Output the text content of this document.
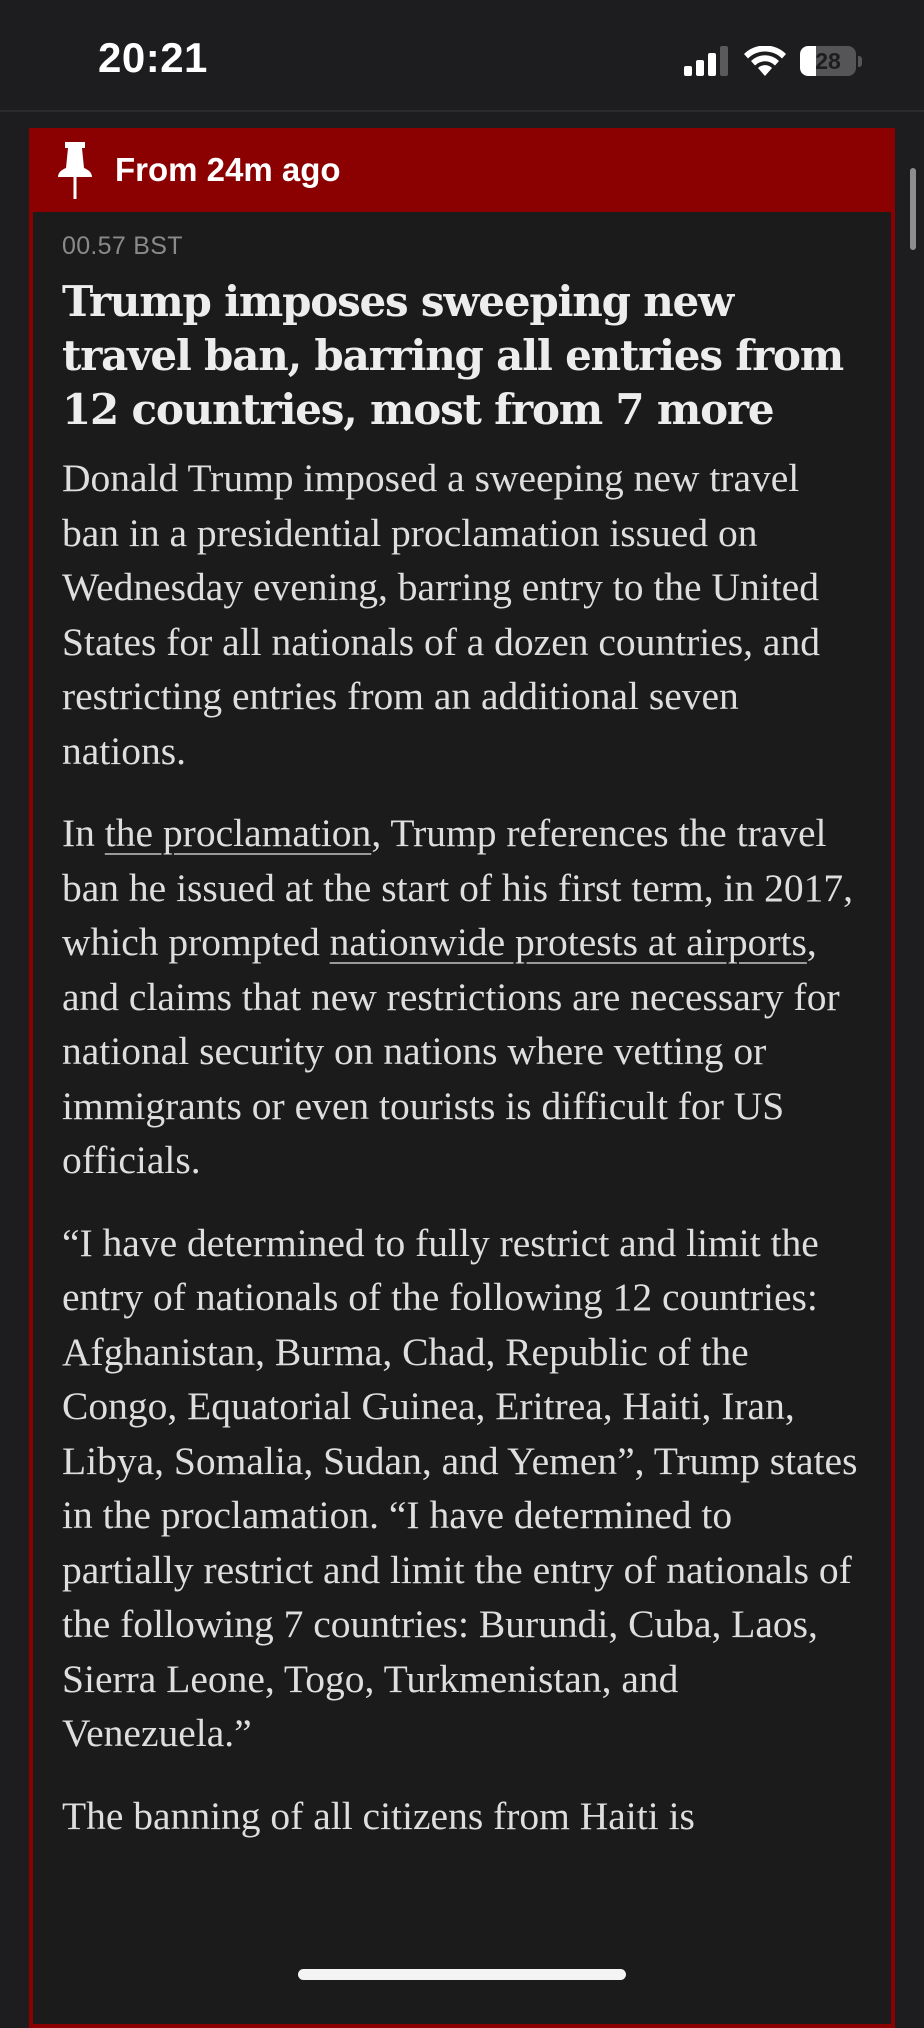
20:21	28
From 24m ago
00.57 BST
Trump imposes sweeping new travel ban, barring all entries from 12 countries, most from 7 more

Donald Trump imposed a sweeping new travel ban in a presidential proclamation issued on Wednesday evening, barring entry to the United States for all nationals of a dozen countries, and restricting entries from an additional seven nations.

In the proclamation, Trump references the travel ban he issued at the start of his first term, in 2017, which prompted nationwide protests at airports, and claims that new restrictions are necessary for national security on nations where vetting or immigrants or even tourists is difficult for US officials.

“I have determined to fully restrict and limit the entry of nationals of the following 12 countries: Afghanistan, Burma, Chad, Republic of the Congo, Equatorial Guinea, Eritrea, Haiti, Iran, Libya, Somalia, Sudan, and Yemen”, Trump states in the proclamation. “I have determined to partially restrict and limit the entry of nationals of the following 7 countries: Burundi, Cuba, Laos, Sierra Leone, Togo, Turkmenistan, and Venezuela.”

The banning of all citizens from Haiti is
